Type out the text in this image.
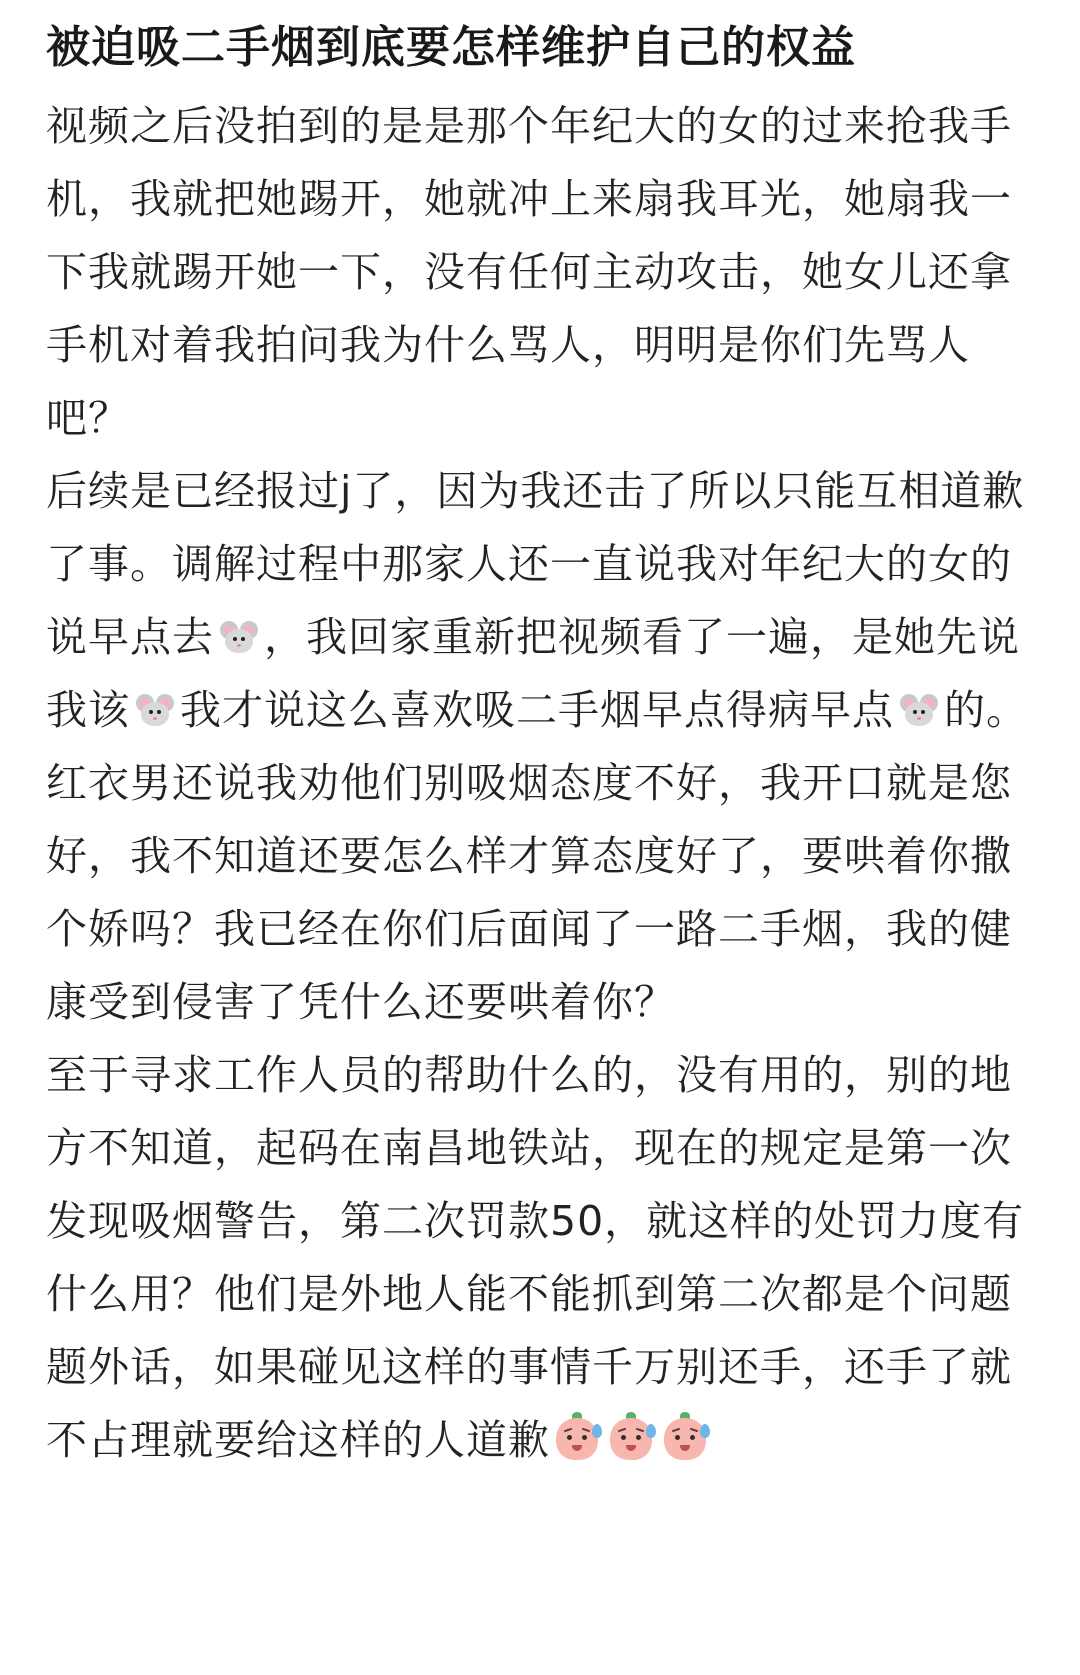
被迫吸二手烟到底要怎样维护自己的权益

视频之后没拍到的是是那个年纪大的女的过来抢我手机，我就把她踢开，她就冲上来扇我耳光，她扇我一下我就踢开她一下，没有任何主动攻击，她女儿还拿手机对着我拍问我为什么骂人，明明是你们先骂人吧？

后续是已经报过j了，因为我还击了所以只能互相道歉了事。调解过程中那家人还一直说我对年纪大的女的说早点去 ，我回家重新把视频看了一遍，是她先说我该 我才说这么喜欢吸二手烟早点得病早点 的。

红衣男还说我劝他们别吸烟态度不好，我开口就是您好，我不知道还要怎么样才算态度好了，要哄着你撒个娇吗？我已经在你们后面闻了一路二手烟，我的健康受到侵害了凭什么还要哄着你？

至于寻求工作人员的帮助什么的，没有用的，别的地方不知道，起码在南昌地铁站，现在的规定是第一次发现吸烟警告，第二次罚款50，就这样的处罚力度有什么用？他们是外地人能不能抓到第二次都是个问题

题外话，如果碰见这样的事情千万别还手，还手了就不占理就要给这样的人道歉
